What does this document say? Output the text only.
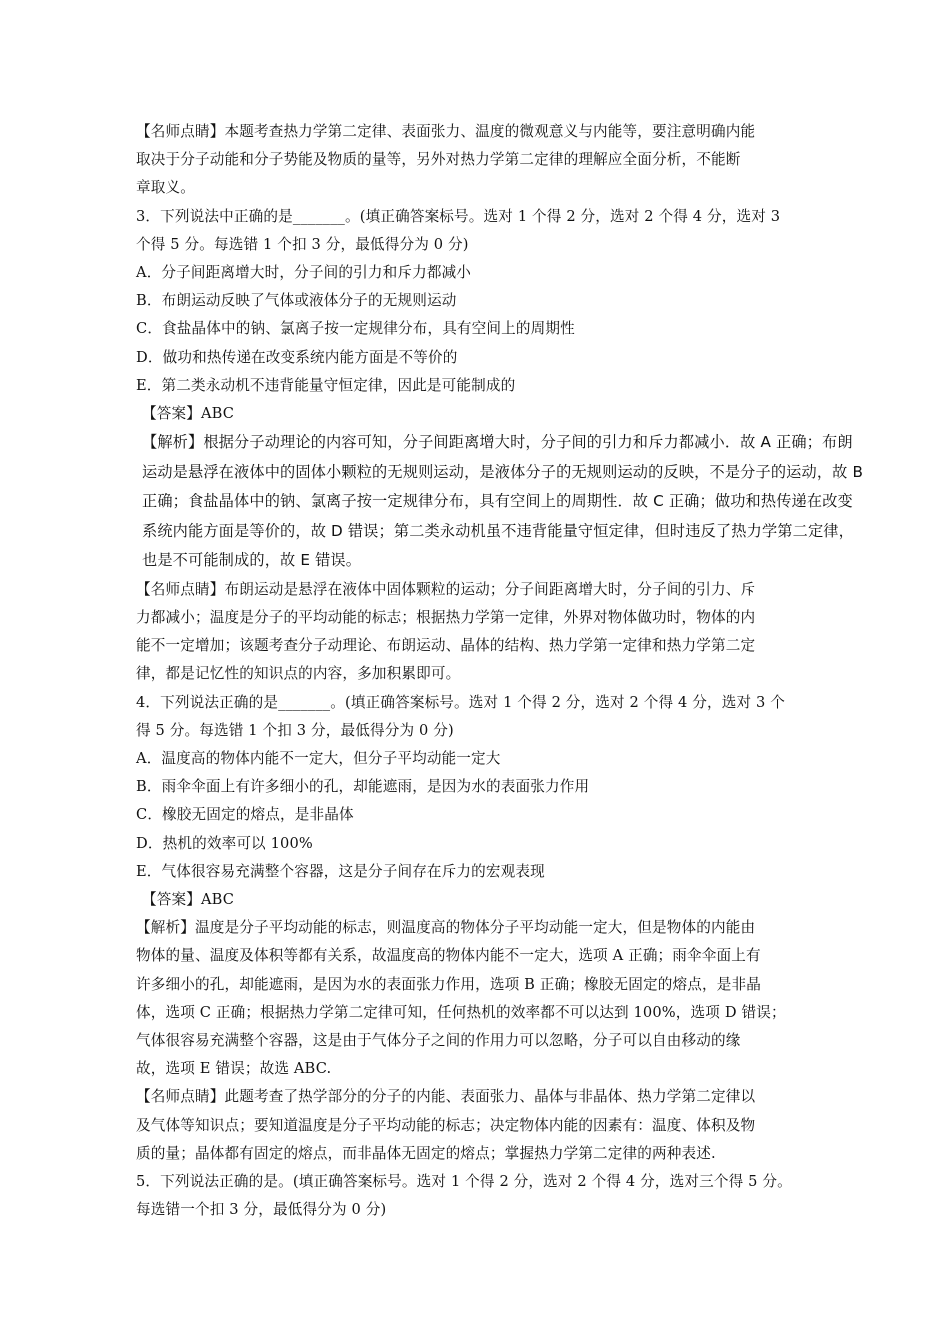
【名师点睛】本题考查热力学第二定律、表面张力、温度的微观意义与内能等，要注意明确内能
取决于分子动能和分子势能及物质的量等，另外对热力学第二定律的理解应全面分析，不能断
章取义。
3．下列说法中正确的是_______。(填正确答案标号。选对 1 个得 2 分，选对 2 个得 4 分，选对 3
个得 5 分。每选错 1 个扣 3 分，最低得分为 0 分)
A．分子间距离增大时，分子间的引力和斥力都减小
B．布朗运动反映了气体或液体分子的无规则运动
C．食盐晶体中的钠、氯离子按一定规律分布，具有空间上的周期性
D．做功和热传递在改变系统内能方面是不等价的
E．第二类永动机不违背能量守恒定律，因此是可能制成的
【答案】ABC
【解析】根据分子动理论的内容可知，分子间距离增大时，分子间的引力和斥力都减小．故 A 正确；布朗
运动是悬浮在液体中的固体小颗粒的无规则运动，是液体分子的无规则运动的反映，不是分子的运动，故 B
正确；食盐晶体中的钠、氯离子按一定规律分布，具有空间上的周期性．故 C 正确；做功和热传递在改变
系统内能方面是等价的，故 D 错误；第二类永动机虽不违背能量守恒定律，但时违反了热力学第二定律，
也是不可能制成的，故 E 错误。
【名师点睛】布朗运动是悬浮在液体中固体颗粒的运动；分子间距离增大时，分子间的引力、斥
力都减小；温度是分子的平均动能的标志；根据热力学第一定律，外界对物体做功时，物体的内
能不一定增加；该题考查分子动理论、布朗运动、晶体的结构、热力学第一定律和热力学第二定
律，都是记忆性的知识点的内容，多加积累即可。
4．下列说法正确的是_______。(填正确答案标号。选对 1 个得 2 分，选对 2 个得 4 分，选对 3 个
得 5 分。每选错 1 个扣 3 分，最低得分为 0 分)
A．温度高的物体内能不一定大，但分子平均动能一定大
B．雨伞伞面上有许多细小的孔，却能遮雨，是因为水的表面张力作用
C．橡胶无固定的熔点，是非晶体
D．热机的效率可以 100%
E．气体很容易充满整个容器，这是分子间存在斥力的宏观表现
【答案】ABC
【解析】温度是分子平均动能的标志，则温度高的物体分子平均动能一定大，但是物体的内能由
物体的量、温度及体积等都有关系，故温度高的物体内能不一定大，选项 A 正确；雨伞伞面上有
许多细小的孔，却能遮雨，是因为水的表面张力作用，选项 B 正确；橡胶无固定的熔点，是非晶
体，选项 C 正确；根据热力学第二定律可知，任何热机的效率都不可以达到 100%，选项 D 错误；
气体很容易充满整个容器，这是由于气体分子之间的作用力可以忽略，分子可以自由移动的缘
故，选项 E 错误；故选 ABC.
【名师点睛】此题考查了热学部分的分子的内能、表面张力、晶体与非晶体、热力学第二定律以
及气体等知识点；要知道温度是分子平均动能的标志；决定物体内能的因素有：温度、体积及物
质的量；晶体都有固定的熔点，而非晶体无固定的熔点；掌握热力学第二定律的两种表述.
5．下列说法正确的是。(填正确答案标号。选对 1 个得 2 分，选对 2 个得 4 分，选对三个得 5 分。
每选错一个扣 3 分，最低得分为 0 分)
